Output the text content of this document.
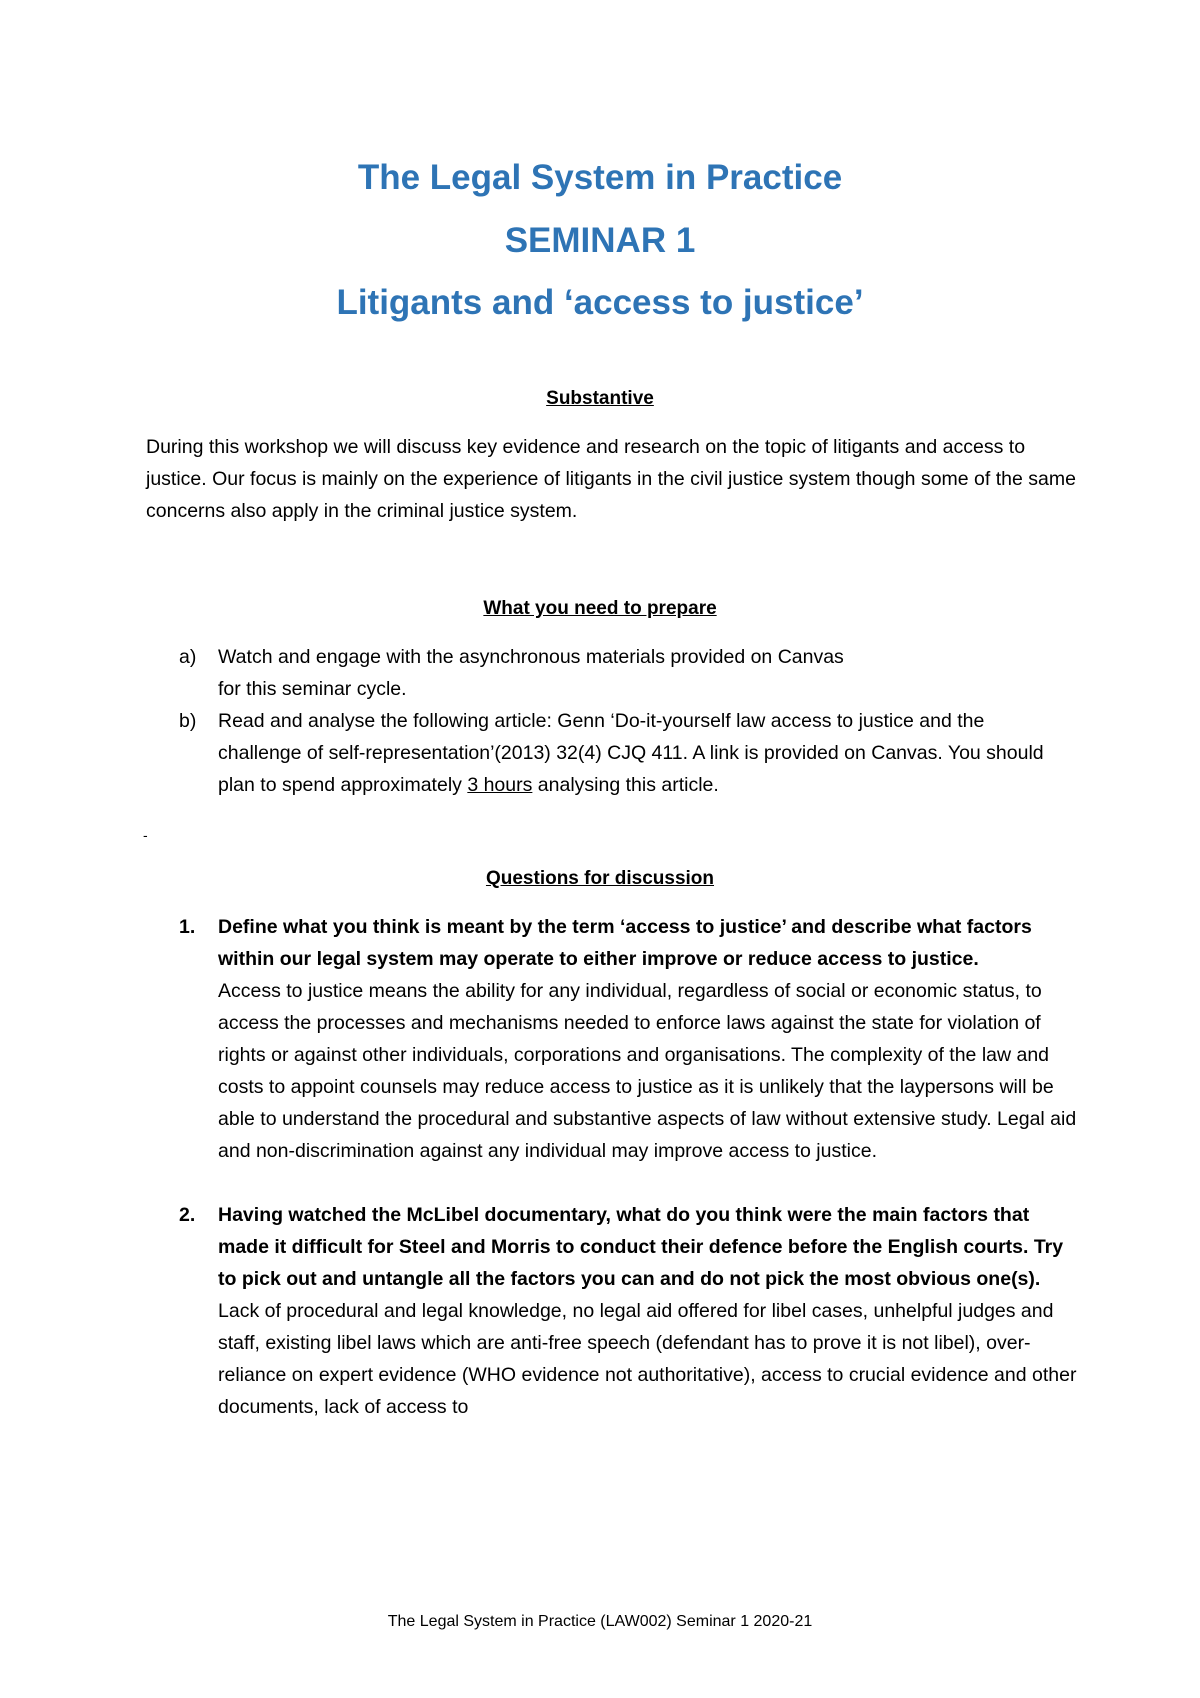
The Legal System in Practice
SEMINAR 1
Litigants and ‘access to justice’
Substantive

During this workshop we will discuss key evidence and research on the topic of litigants and access to justice. Our focus is mainly on the experience of litigants in the civil justice system though some of the same concerns also apply in the criminal justice system.

What you need to prepare
a) Watch and engage with the asynchronous materials provided on Canvas for this seminar cycle.
b) Read and analyse the following article: Genn ‘Do-it-yourself law access to justice and the challenge of self-representation’(2013) 32(4) CJQ 411. A link is provided on Canvas. You should plan to spend approximately 3 hours analysing this article.
-
Questions for discussion
1. Define what you think is meant by the term ‘access to justice’ and describe what factors within our legal system may operate to either improve or reduce access to justice.
Access to justice means the ability for any individual, regardless of social or economic status, to access the processes and mechanisms needed to enforce laws against the state for violation of rights or against other individuals, corporations and organisations. The complexity of the law and costs to appoint counsels may reduce access to justice as it is unlikely that the laypersons will be able to understand the procedural and substantive aspects of law without extensive study. Legal aid and non-discrimination against any individual may improve access to justice.
2. Having watched the McLibel documentary, what do you think were the main factors that made it difficult for Steel and Morris to conduct their defence before the English courts. Try to pick out and untangle all the factors you can and do not pick the most obvious one(s).
Lack of procedural and legal knowledge, no legal aid offered for libel cases, unhelpful judges and staff, existing libel laws which are anti-free speech (defendant has to prove it is not libel), over-reliance on expert evidence (WHO evidence not authoritative), access to crucial evidence and other documents, lack of access to

The Legal System in Practice (LAW002) Seminar 1 2020-21
